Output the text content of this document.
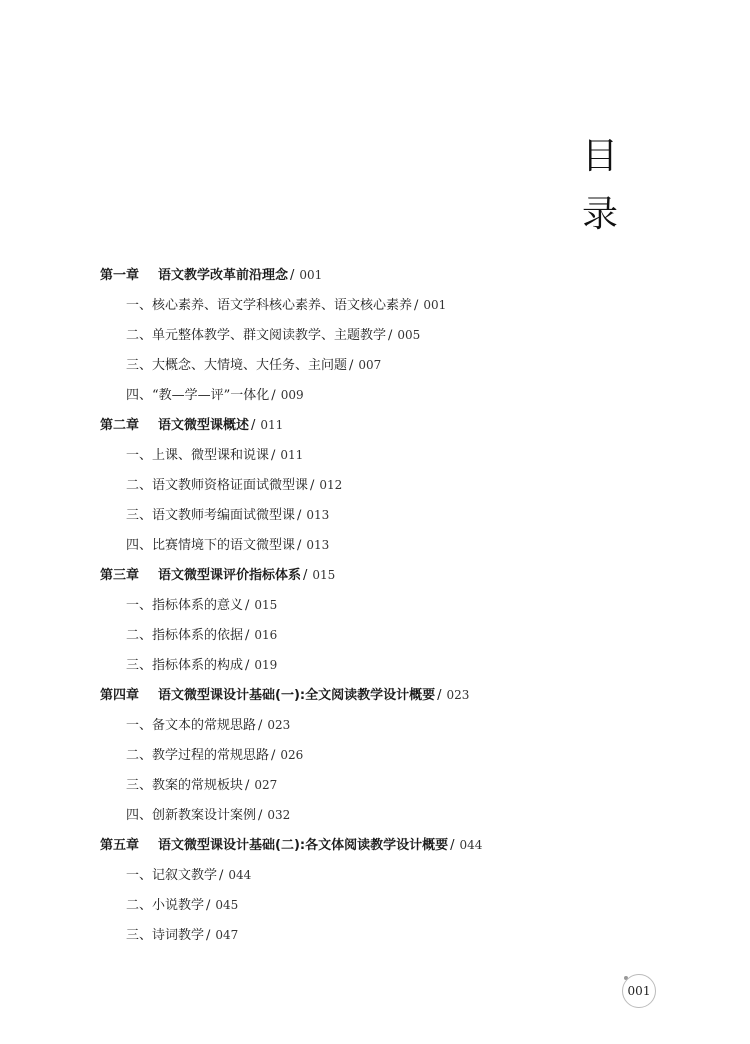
目
录
第一章 语文教学改革前沿理念 / 001
一、核心素养、语文学科核心素养、语文核心素养 / 001
二、单元整体教学、群文阅读教学、主题教学 / 005
三、大概念、大情境、大任务、主问题 / 007
四、“教—学—评”一体化 / 009
第二章 语文微型课概述 / 011
一、上课、微型课和说课 / 011
二、语文教师资格证面试微型课 / 012
三、语文教师考编面试微型课 / 013
四、比赛情境下的语文微型课 / 013
第三章 语文微型课评价指标体系 / 015
一、指标体系的意义 / 015
二、指标体系的依据 / 016
三、指标体系的构成 / 019
第四章 语文微型课设计基础(一):全文阅读教学设计概要 / 023
一、备文本的常规思路 / 023
二、教学过程的常规思路 / 026
三、教案的常规板块 / 027
四、创新教案设计案例 / 032
第五章 语文微型课设计基础(二):各文体阅读教学设计概要 / 044
一、记叙文教学 / 044
二、小说教学 / 045
三、诗词教学 / 047
001
